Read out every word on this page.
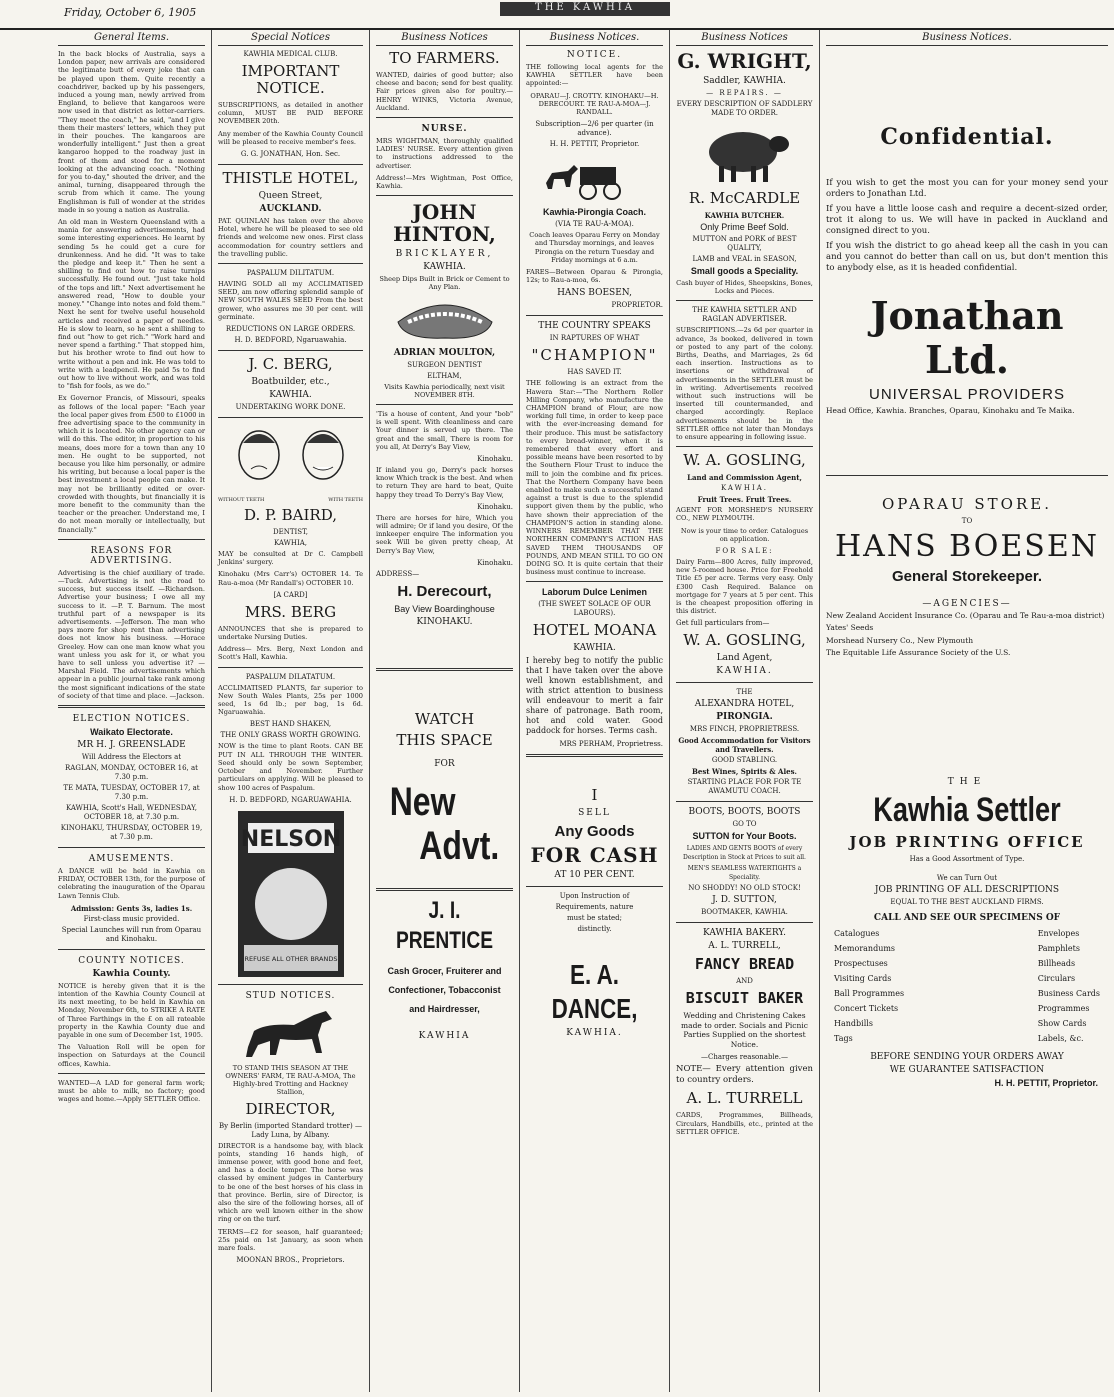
Friday, October 6, 1905	THE KAWHIA
General Items.

In the back blocks of Australia, says a London paper, new arrivals are considered the legitimate butt of every joke that can be played upon them. Quite recently a coachdriver, backed up by his passengers, induced a young man, newly arrived from England, to believe that kangaroos were now used in that district as letter-carriers. "They meet the coach," he said, "and I give them their masters' letters, which they put in their pouches. The kangaroos are wonderfully intelligent." Just then a great kangaroo hopped to the roadway just in front of them and stood for a moment looking at the advancing coach. "Nothing for you to-day," shouted the driver, and the animal, turning, disappeared through the scrub from which it came. The young Englishman is full of wonder at the strides made in so young a nation as Australia.

An old man in Western Queensland with a mania for answering advertisements, had some interesting experiences. He learnt by sending 5s he could get a cure for drunkenness. And he did. "It was to take the pledge and keep it." Then he sent a shilling to find out how to raise turnips successfully. He found out. "Just take hold of the tops and lift." Next advertisement he answered read, "How to double your money." "Change into notes and fold them." Next he sent for twelve useful household articles and received a paper of needles. He is slow to learn, so he sent a shilling to find out "how to get rich." "Work hard and never spend a farthing." That stopped him, but his brother wrote to find out how to write without a pen and ink. He was told to write with a leadpencil. He paid 5s to find out how to live without work, and was told to "fish for fools, as we do."

Ex Governor Francis, of Missouri, speaks as follows of the local paper: "Each year the local paper gives from £500 to £1000 in free advertising space to the community in which it is located. No other agency can or will do this. The editor, in proportion to his means, does more for a town than any 10 men. He ought to be supported, not because you like him personally, or admire his writing, but because a local paper is the best investment a local people can make. It may not be brilliantly edited or over-crowded with thoughts, but financially it is more benefit to the community than the teacher or the preacher. Understand me, I do not mean morally or intellectually, but financially."

REASONS FOR ADVERTISING.

Advertising is the chief auxiliary of trade. —Tuck. Advertising is not the road to success, but success itself. —Richardson. Advertise your business; I owe all my success to it. —P. T. Barnum. The most truthful part of a newspaper is its advertisements. —Jefferson. The man who pays more for shop rent than advertising does not know his business. —Horace Greeley. How can one man know what you want unless you ask for it, or what you have to sell unless you advertise it? —Marshal Field. The advertisements which appear in a public journal take rank among the most significant indications of the state of society of that time and place. —Jackson.

ELECTION NOTICES.
Waikato Electorate.
MR H. J. GREENSLADE
Will Address the Electors at
RAGLAN, MONDAY, OCTOBER 16, at 7.30 p.m.
TE MATA, TUESDAY, OCTOBER 17, at 7.30 p.m.
KAWHIA, Scott's Hall, WEDNESDAY, OCTOBER 18, at 7.30 p.m.
KINOHAKU, THURSDAY, OCTOBER 19, at 7.30 p.m.
AMUSEMENTS.

A DANCE will be held in Kawhia on FRIDAY, OCTOBER 13th, for the purpose of celebrating the inauguration of the Oparau Lawn Tennis Club.

Admission: Gents 3s, ladies 1s.
First-class music provided.
Special Launches will run from Oparau and Kinohaku.
COUNTY NOTICES.
Kawhia County.

NOTICE is hereby given that it is the intention of the Kawhia County Council at its next meeting, to be held in Kawhia on Monday, November 6th, to STRIKE A RATE of Three Farthings in the £ on all rateable property in the Kawhia County due and payable in one sum of December 1st, 1905.

The Valuation Roll will be open for inspection on Saturdays at the Council offices, Kawhia.

WANTED—A LAD for general farm work; must be able to milk, no factory; good wages and home.—Apply SETTLER Office.

Special Notices
KAWHIA MEDICAL CLUB.
IMPORTANT NOTICE.

SUBSCRIPTIONS, as detailed in another column, MUST BE PAID BEFORE NOVEMBER 20th.

Any member of the Kawhia County Council will be pleased to receive member's fees.

G. G. JONATHAN, Hon. Sec.
THISTLE HOTEL,
Queen Street,
AUCKLAND.

PAT. QUINLAN has taken over the above Hotel, where he will be pleased to see old friends and welcome new ones. First class accommodation for country settlers and the travelling public.

PASPALUM DILITATUM.

HAVING SOLD all my ACCLIMATISED SEED, am now offering splendid sample of NEW SOUTH WALES SEED From the best grower, who assures me 30 per cent. will germinate.

REDUCTIONS ON LARGE ORDERS.
H. D. BEDFORD, Ngaruawahia.
J. C. BERG,
Boatbuilder, etc.,
KAWHIA.
UNDERTAKING WORK DONE.
WITHOUT TEETH	WITH TEETH
D. P. BAIRD,
DENTIST,
KAWHIA,

MAY be consulted at Dr C. Campbell Jenkins' surgery.

Kinohaku (Mrs Carr's) OCTOBER 14. Te Rau-a-moa (Mr Randall's) OCTOBER 10.

[A CARD]
MRS. BERG

ANNOUNCES that she is prepared to undertake Nursing Duties.

Address— Mrs. Berg, Next London and Scott's Hall, Kawhia.

PASPALUM DILATATUM.

ACCLIMATISED PLANTS, far superior to New South Wales Plants, 25s per 1000 seed, 1s 6d lb.; per bag, 1s 6d. Ngaruawahia.

BEST HAND SHAKEN,
THE ONLY GRASS WORTH GROWING.

NOW is the time to plant Roots. CAN BE PUT IN ALL THROUGH THE WINTER. Seed should only be sown September, October and November. Further particulars on applying. Will be pleased to show 100 acres of Paspalum.

H. D. BEDFORD, NGARUAWAHIA.
NELSON
REFUSE ALL OTHER BRANDS
STUD NOTICES.

TO STAND THIS SEASON AT THE OWNERS' FARM, TE RAU-A-MOA, The Highly-bred Trotting and Hackney Stallion,

DIRECTOR,
By Berlin (imported Standard trotter) —Lady Luna, by Albany.

DIRECTOR is a handsome bay, with black points, standing 16 hands high, of immense power, with good bone and feet, and has a docile temper. The horse was classed by eminent judges in Canterbury to be one of the best horses of his class in that province. Berlin, sire of Director, is also the sire of the following horses, all of which are well known either in the show ring or on the turf.

TERMS—£2 for season, half guaranteed; 25s paid on 1st January, as soon when mare foals.

MOONAN BROS., Proprietors.
Business Notices
TO FARMERS.

WANTED, dairies of good butter; also cheese and bacon; send for best quality. Fair prices given also for poultry.—HENRY WINKS, Victoria Avenue, Auckland.

NURSE.

MRS WIGHTMAN, thoroughly qualified LADIES' NURSE. Every attention given to instructions addressed to the advertiser.

Address!—Mrs Wightman, Post Office, Kawhia.

JOHN HINTON,
BRICKLAYER,
KAWHIA.

Sheep Dips Built in Brick or Cement to Any Plan.

ADRIAN MOULTON,
SURGEON DENTIST
ELTHAM,

Visits Kawhia periodically, next visit NOVEMBER 8TH.

'Tis a house of content, And your "bob" is well spent. With cleanliness and care Your dinner is served up there. The great and the small, There is room for you all, At Derry's Bay View,

Kinohaku.

If inland you go, Derry's pack horses know Which track is the best. And when to return They are hard to beat, Quite happy they tread To Derry's Bay View,

Kinohaku.

There are horses for hire, Which you will admire; Or if land you desire, Of the innkeeper enquire The information you seek Will be given pretty cheap, At Derry's Bay View,

Kinohaku.
ADDRESS—
H. Derecourt,
Bay View Boardinghouse
KINOHAKU.
WATCH
THIS SPACE
FOR
New
Advt.
J. I. PRENTICE
Cash Grocer, Fruiterer and
Confectioner, Tobacconist
and Hairdresser,
KAWHIA
Business Notices.
NOTICE.

THE following local agents for the KAWHIA SETTLER have been appointed:—

OPARAU—J. CROTTY. KINOHAKU—H. DERECOURT. TE RAU-A-MOA—J. RANDALL.

Subscription—2/6 per quarter (in advance).
H. H. PETTIT, Proprietor.
Kawhia-Pirongia Coach.
(VIA TE RAU-A-MOA).

Coach leaves Oparau Ferry on Monday and Thursday mornings, and leaves Pirongia on the return Tuesday and Friday mornings at 6 a.m.

FARES—Between Oparau & Pirongia, 12s; to Rau-a-moa, 6s.

HANS BOESEN,
PROPRIETOR.
THE COUNTRY SPEAKS
IN RAPTURES OF WHAT
"CHAMPION"
HAS SAVED IT.

THE following is an extract from the Hawera Star:—"The Northern Roller Milling Company, who manufacture the CHAMPION brand of Flour, are now working full time, in order to keep pace with the ever-increasing demand for their produce. This must be satisfactory to every bread-winner, when it is remembered that every effort and possible means have been resorted to by the Southern Flour Trust to induce the mill to join the combine and fix prices. That the Northern Company have been enabled to make such a successful stand against a trust is due to the splendid support given them by the public, who have shown their appreciation of the CHAMPION'S action in standing alone. WINNERS REMEMBER THAT THE NORTHERN COMPANY'S ACTION HAS SAVED THEM THOUSANDS OF POUNDS, AND MEAN STILL TO GO ON DOING SO. It is quite certain that their business must continue to increase.

Laborum Dulce Lenimen
(THE SWEET SOLACE OF OUR LABOURS).
HOTEL MOANA
KAWHIA.

I hereby beg to notify the public that I have taken over the above well known establishment, and with strict attention to business will endeavour to merit a fair share of patronage. Bath room, hot and cold water. Good paddock for horses. Terms cash.

MRS PERHAM, Proprietress.
I
SELL
Any Goods
FOR CASH
AT 10 PER CENT.
Upon Instruction of
Requirements, nature
must be stated;
distinctly.
E. A. DANCE,
KAWHIA.
Business Notices
G. WRIGHT,
Saddler, KAWHIA.
— REPAIRS. —
EVERY DESCRIPTION OF SADDLERY MADE TO ORDER.
R. McCARDLE
KAWHIA BUTCHER.
Only Prime Beef Sold.
MUTTON and PORK of BEST QUALITY,
LAMB and VEAL in SEASON,
Small goods a Speciality.

Cash buyer of Hides, Sheepskins, Bones, Locks and Pieces.

THE KAWHIA SETTLER AND RAGLAN ADVERTISER.

SUBSCRIPTIONS.—2s 6d per quarter in advance, 3s booked, delivered in town or posted to any part of the colony. Births, Deaths, and Marriages, 2s 6d each insertion. Instructions as to insertions or withdrawal of advertisements in the SETTLER must be in writing. Advertisements received without such instructions will be inserted till countermanded, and charged accordingly. Replace advertisements should be in the SETTLER office not later than Mondays to ensure appearing in following issue.

W. A. GOSLING,
Land and Commission Agent,
KAWHIA.
Fruit Trees. Fruit Trees.

AGENT FOR MORSHED'S NURSERY CO., NEW PLYMOUTH.

Now is your time to order. Catalogues on application.

FOR SALE:

Dairy Farm—800 Acres, fully improved, new 5-roomed house. Price for Freehold Title £5 per acre. Terms very easy. Only £300 Cash Required. Balance on mortgage for 7 years at 5 per cent. This is the cheapest proposition offering in this district.

Get full particulars from—
W. A. GOSLING,
Land Agent,
KAWHIA.
THE
ALEXANDRA HOTEL,
PIRONGIA.
MRS FINCH, PROPRIETRESS.
Good Accommodation for Visitors and Travellers.
GOOD STABLING.
Best Wines, Spirits & Ales.
STARTING PLACE FOR FOR TE AWAMUTU COACH.
BOOTS, BOOTS, BOOTS
GO TO
SUTTON for Your Boots.
LADIES AND GENTS BOOTS of every Description in Stock at Prices to suit all.
MEN'S SEAMLESS WATERTIGHTS a Speciality.
NO SHODDY! NO OLD STOCK!
J. D. SUTTON,
BOOTMAKER, KAWHIA.
KAWHIA BAKERY.
A. L. TURRELL,
FANCY BREAD
AND
BISCUIT BAKER

Wedding and Christening Cakes made to order. Socials and Picnic Parties Supplied on the shortest Notice.

—Charges reasonable.—

NOTE— Every attention given to country orders.

A. L. TURRELL

CARDS, Programmes, Billheads, Circulars, Handbills, etc., printed at the SETTLER OFFICE.

Business Notices.
Confidential.

If you wish to get the most you can for your money send your orders to Jonathan Ltd.

If you have a little loose cash and require a decent-sized order, trot it along to us. We will have in packed in Auckland and consigned direct to you.

If you wish the district to go ahead keep all the cash in you can and you cannot do better than call on us, but don't mention this to anybody else, as it is headed confidential.

Jonathan Ltd.
UNIVERSAL PROVIDERS

Head Office, Kawhia. Branches, Oparau, Kinohaku and Te Maika.

OPARAU STORE.
TO
HANS BOESEN
General Storekeeper.
—AGENCIES—

New Zealand Accident Insurance Co. (Oparau and Te Rau-a-moa district)

Yates' Seeds

Morshead Nursery Co., New Plymouth

The Equitable Life Assurance Society of the U.S.

THE
Kawhia Settler
JOB PRINTING OFFICE
Has a Good Assortment of Type.
We can Turn Out
JOB PRINTING OF ALL DESCRIPTIONS
EQUAL TO THE BEST AUCKLAND FIRMS.
CALL AND SEE OUR SPECIMENS OF
Catalogues
Memorandums
Prospectuses
Visiting Cards
Ball Programmes
Concert Tickets
Handbills
Tags
Envelopes
Pamphlets
Billheads
Circulars
Business Cards
Programmes
Show Cards
Labels, &c.
BEFORE SENDING YOUR ORDERS AWAY
WE GUARANTEE SATISFACTION
H. H. PETTIT, Proprietor.
